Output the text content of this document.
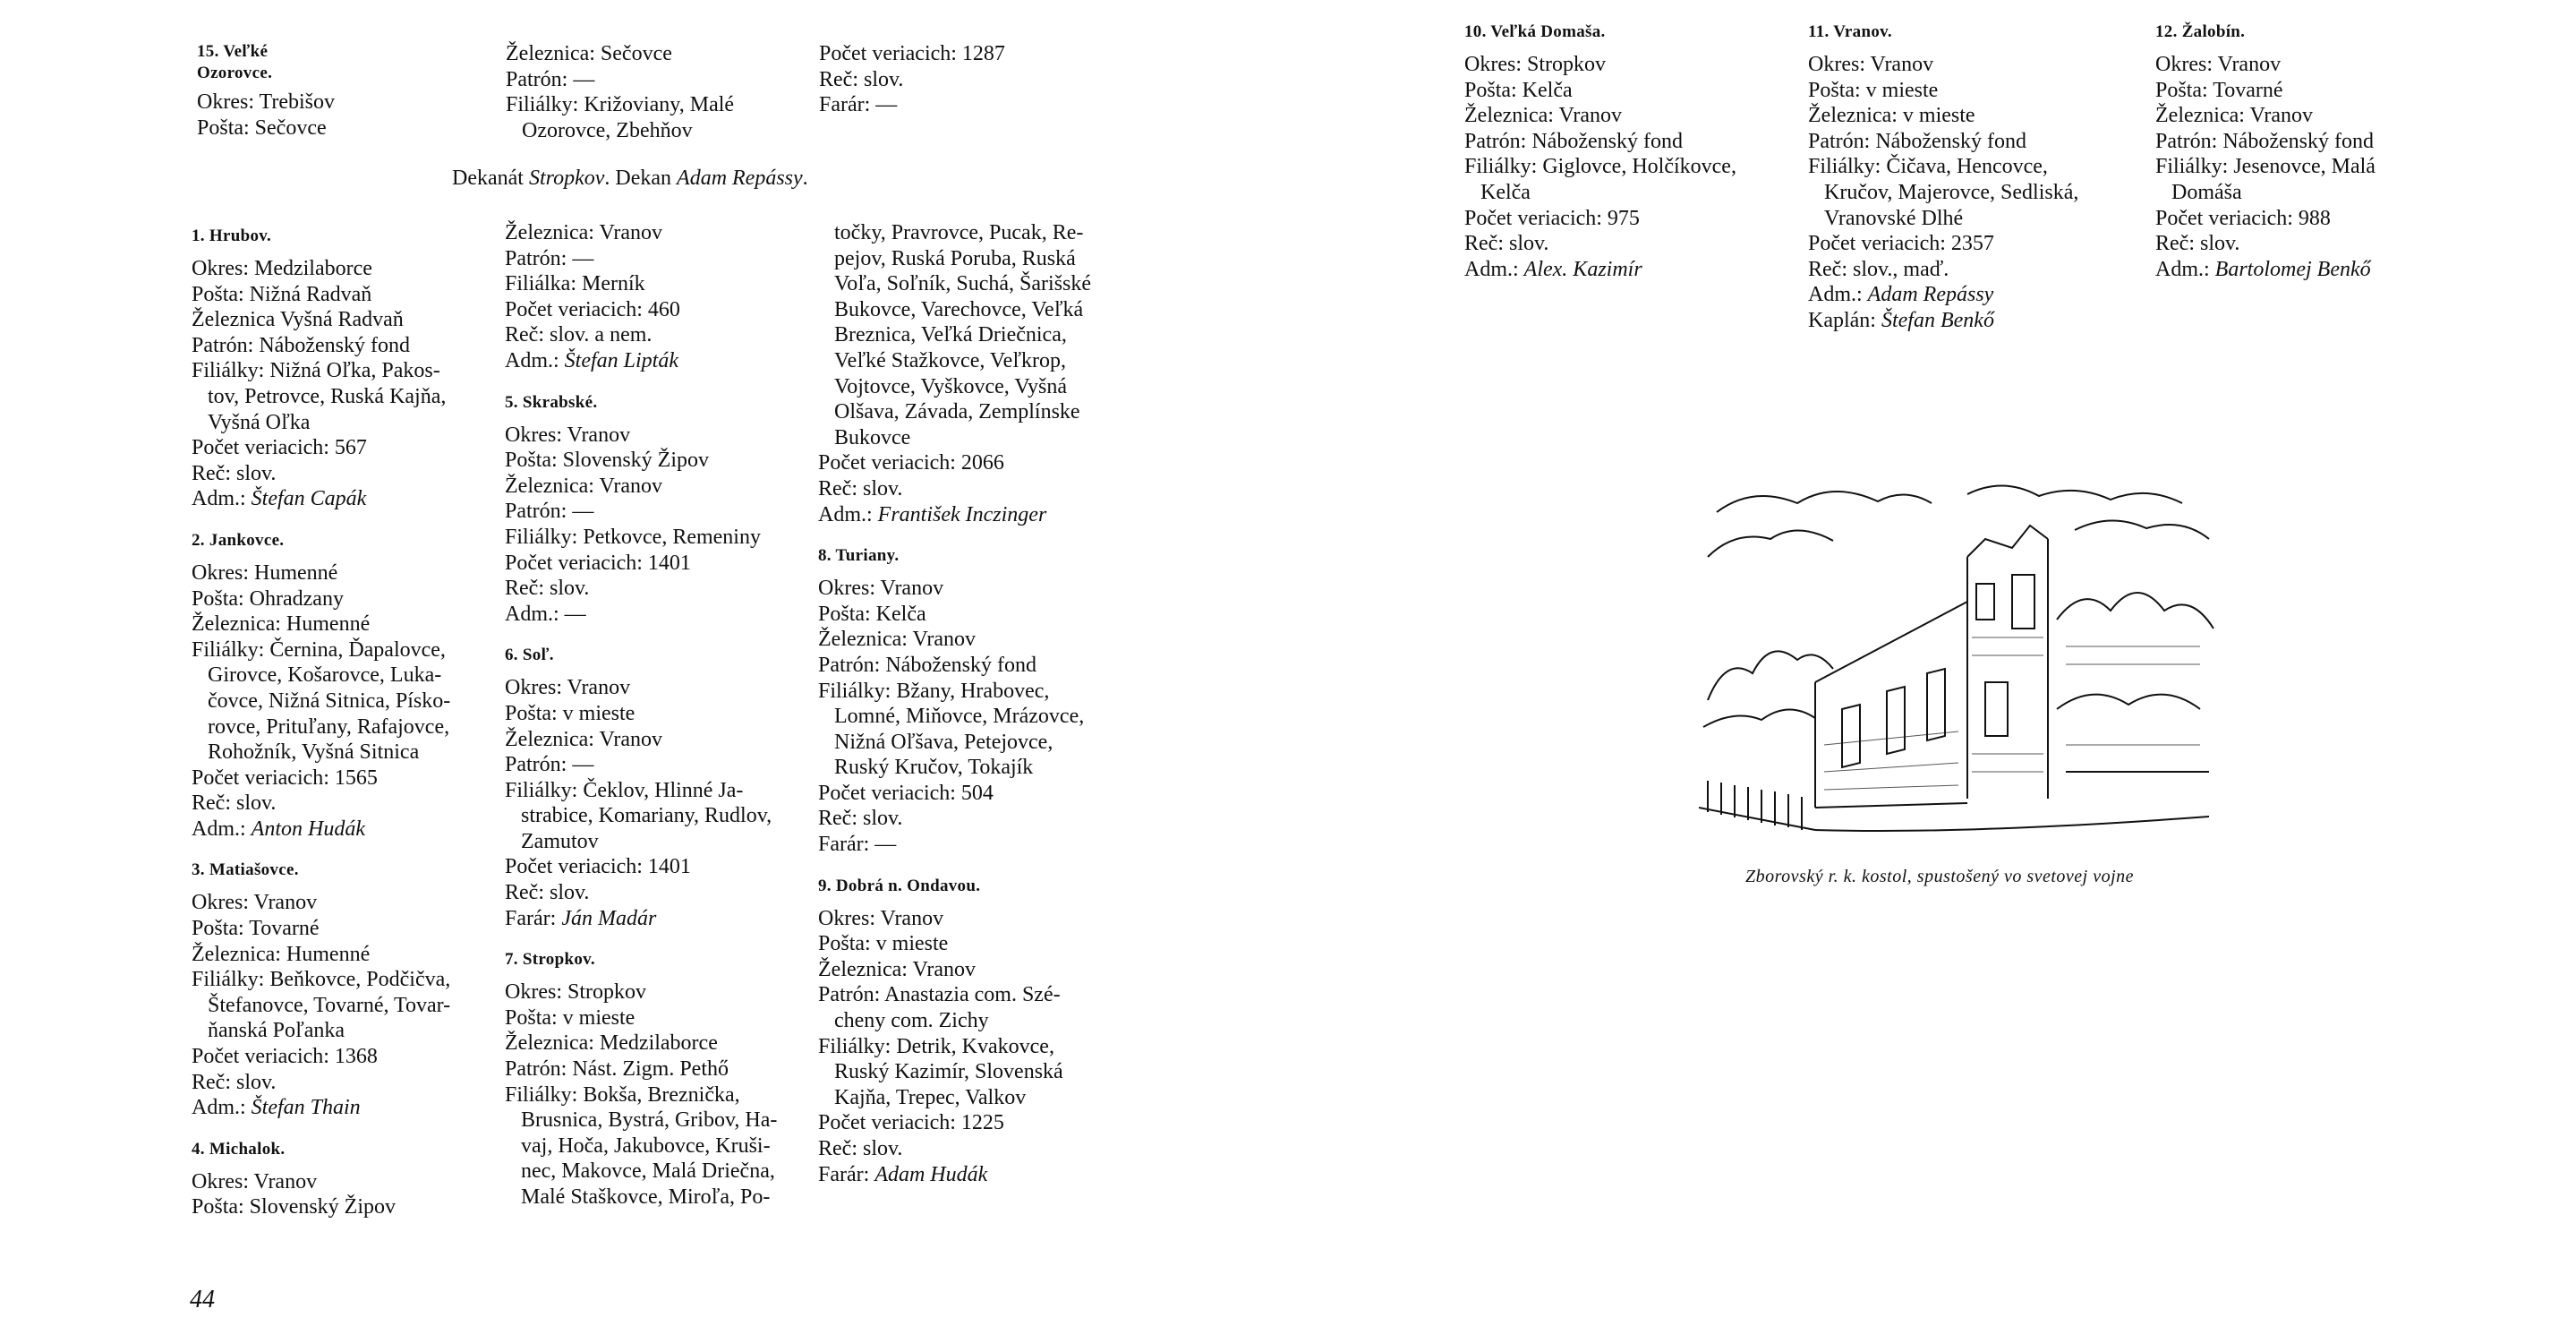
15. Veľké Ozorovce.
Okres: Trebišov
Pošta: Sečovce
Železnica: Sečovce
Patrón: —
Filiálky: Križoviany, Malé
Ozorovce, Zbehňov
Počet veriacich: 1287
Reč: slov.
Farár: —
Dekanát Stropkov. Dekan Adam Repássy.
1. Hrubov.
Okres: Medzilaborce
Pošta: Nižná Radvaň
Železnica Vyšná Radvaň
Patrón: Náboženský fond
Filiálky: Nižná Oľka, Pakos-
tov, Petrovce, Ruská Kajňa,
Vyšná Oľka
Počet veriacich: 567
Reč: slov.
Adm.: Štefan Capák
2. Jankovce.
Okres: Humenné
Pošta: Ohradzany
Železnica: Humenné
Filiálky: Černina, Ďapalovce,
Girovce, Košarovce, Luka-
čovce, Nižná Sitnica, Písko-
rovce, Prituľany, Rafajovce,
Rohožník, Vyšná Sitnica
Počet veriacich: 1565
Reč: slov.
Adm.: Anton Hudák
3. Matiašovce.
Okres: Vranov
Pošta: Tovarné
Železnica: Humenné
Filiálky: Beňkovce, Podčičva,
Štefanovce, Tovarné, Tovar-
ňanská Poľanka
Počet veriacich: 1368
Reč: slov.
Adm.: Štefan Thain
4. Michalok.
Okres: Vranov
Pošta: Slovenský Žipov
Železnica: Vranov
Patrón: —
Filiálka: Merník
Počet veriacich: 460
Reč: slov. a nem.
Adm.: Štefan Lipták
5. Skrabské.
Okres: Vranov
Pošta: Slovenský Žipov
Železnica: Vranov
Patrón: —
Filiálky: Petkovce, Remeniny
Počet veriacich: 1401
Reč: slov.
Adm.: —
6. Soľ.
Okres: Vranov
Pošta: v mieste
Železnica: Vranov
Patrón: —
Filiálky: Čeklov, Hlinné Ja-
strabice, Komariany, Rudlov,
Zamutov
Počet veriacich: 1401
Reč: slov.
Farár: Ján Madár
7. Stropkov.
Okres: Stropkov
Pošta: v mieste
Železnica: Medzilaborce
Patrón: Nást. Zigm. Pethő
Filiálky: Bokša, Breznička,
Brusnica, Bystrá, Gribov, Ha-
vaj, Hoča, Jakubovce, Kruši-
nec, Makovce, Malá Driečna,
Malé Staškovce, Miroľa, Po-
točky, Pravrovce, Pucak, Re-
pejov, Ruská Poruba, Ruská
Voľa, Soľník, Suchá, Šarišské
Bukovce, Varechovce, Veľká
Breznica, Veľká Driečnica,
Veľké Stažkovce, Veľkrop,
Vojtovce, Vyškovce, Vyšná
Olšava, Závada, Zemplínske
Bukovce
Počet veriacich: 2066
Reč: slov.
Adm.: František Inczinger
8. Turiany.
Okres: Vranov
Pošta: Kelča
Železnica: Vranov
Patrón: Náboženský fond
Filiálky: Bžany, Hrabovec,
Lomné, Miňovce, Mrázovce,
Nižná Oľšava, Petejovce,
Ruský Kručov, Tokajík
Počet veriacich: 504
Reč: slov.
Farár: —
9. Dobrá n. Ondavou.
Okres: Vranov
Pošta: v mieste
Železnica: Vranov
Patrón: Anastazia com. Szé-
cheny com. Zichy
Filiálky: Detrik, Kvakovce,
Ruský Kazimír, Slovenská
Kajňa, Trepec, Valkov
Počet veriacich: 1225
Reč: slov.
Farár: Adam Hudák
44
10. Veľká Domaša.
Okres: Stropkov
Pošta: Kelča
Železnica: Vranov
Patrón: Náboženský fond
Filiálky: Giglovce, Holčíkovce,
Kelča
Počet veriacich: 975
Reč: slov.
Adm.: Alex. Kazimír
11. Vranov.
Okres: Vranov
Pošta: v mieste
Železnica: v mieste
Patrón: Náboženský fond
Filiálky: Čičava, Hencovce,
Kručov, Majerovce, Sedliská,
Vranovské Dlhé
Počet veriacich: 2357
Reč: slov., maď.
Adm.: Adam Repássy
Kaplán: Štefan Benkő
12. Žalobín.
Okres: Vranov
Pošta: Tovarné
Železnica: Vranov
Patrón: Náboženský fond
Filiálky: Jesenovce, Malá
Domáša
Počet veriacich: 988
Reč: slov.
Adm.: Bartolomej Benkő
Zborovský r. k. kostol, spustošený vo svetovej vojne
